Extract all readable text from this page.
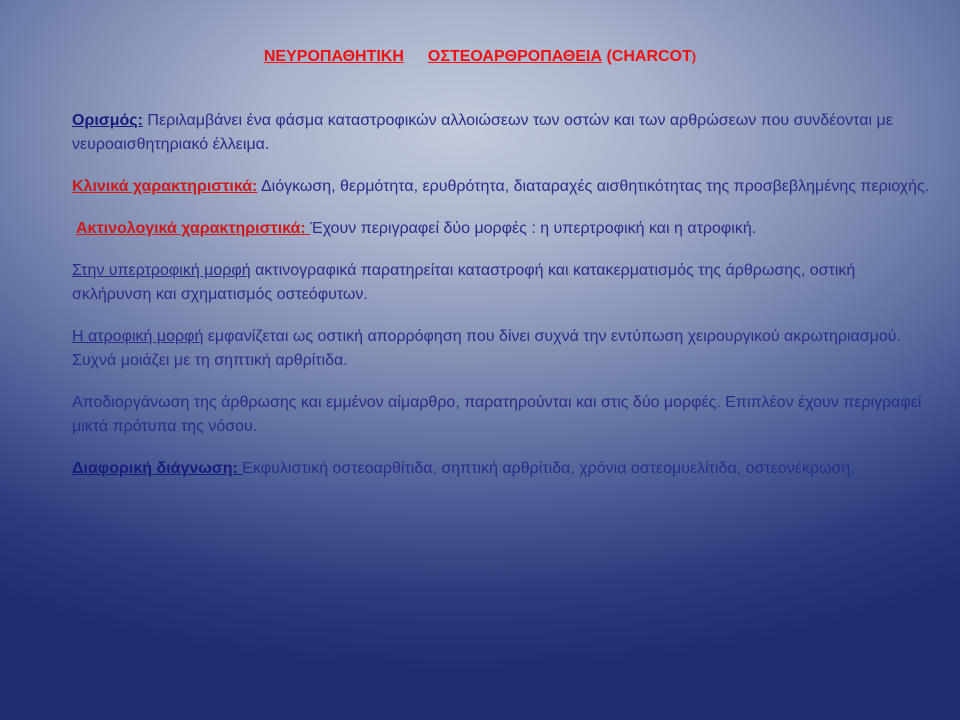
ΝΕΥΡΟΠΑΘΗΤΙΚΗ ΟΣΤΕΟΑΡΘΡΟΠΑΘΕΙΑ (CHARCOT)

Ορισμός: Περιλαμβάνει ένα φάσμα καταστροφικών αλλοιώσεων των οστών και των αρθρώσεων που συνδέονται με νευροαισθητηριακό έλλειμα.

Κλινικά χαρακτηριστικά: Διόγκωση, θερμότητα, ερυθρότητα, διαταραχές αισθητικότητας της προσβεβλημένης περιοχής.

Ακτινολογικά χαρακτηριστικά: Έχουν περιγραφεί δύο μορφές : η υπερτροφική και η ατροφική.

Στην υπερτροφική μορφή ακτινογραφικά παρατηρείται καταστροφή και κατακερματισμός της άρθρωσης, οστική σκλήρυνση και σχηματισμός οστεόφυτων.

Η ατροφική μορφή εμφανίζεται ως οστική απορρόφηση που δίνει συχνά την εντύπωση χειρουργικού ακρωτηριασμού. Συχνά μοιάζει με τη σηπτική αρθρίτιδα.

Αποδιοργάνωση της άρθρωσης και εμμένον αίμαρθρο, παρατηρούνται και στις δύο μορφές. Επιπλέον έχουν περιγραφεί μικτά πρότυπα της νόσου.

Διαφορική διάγνωση: Εκφυλιστική οστεοαρθίτιδα, σηπτική αρθρίτιδα, χρόνια οστεομυελίτιδα, οστεονέκρωση.
